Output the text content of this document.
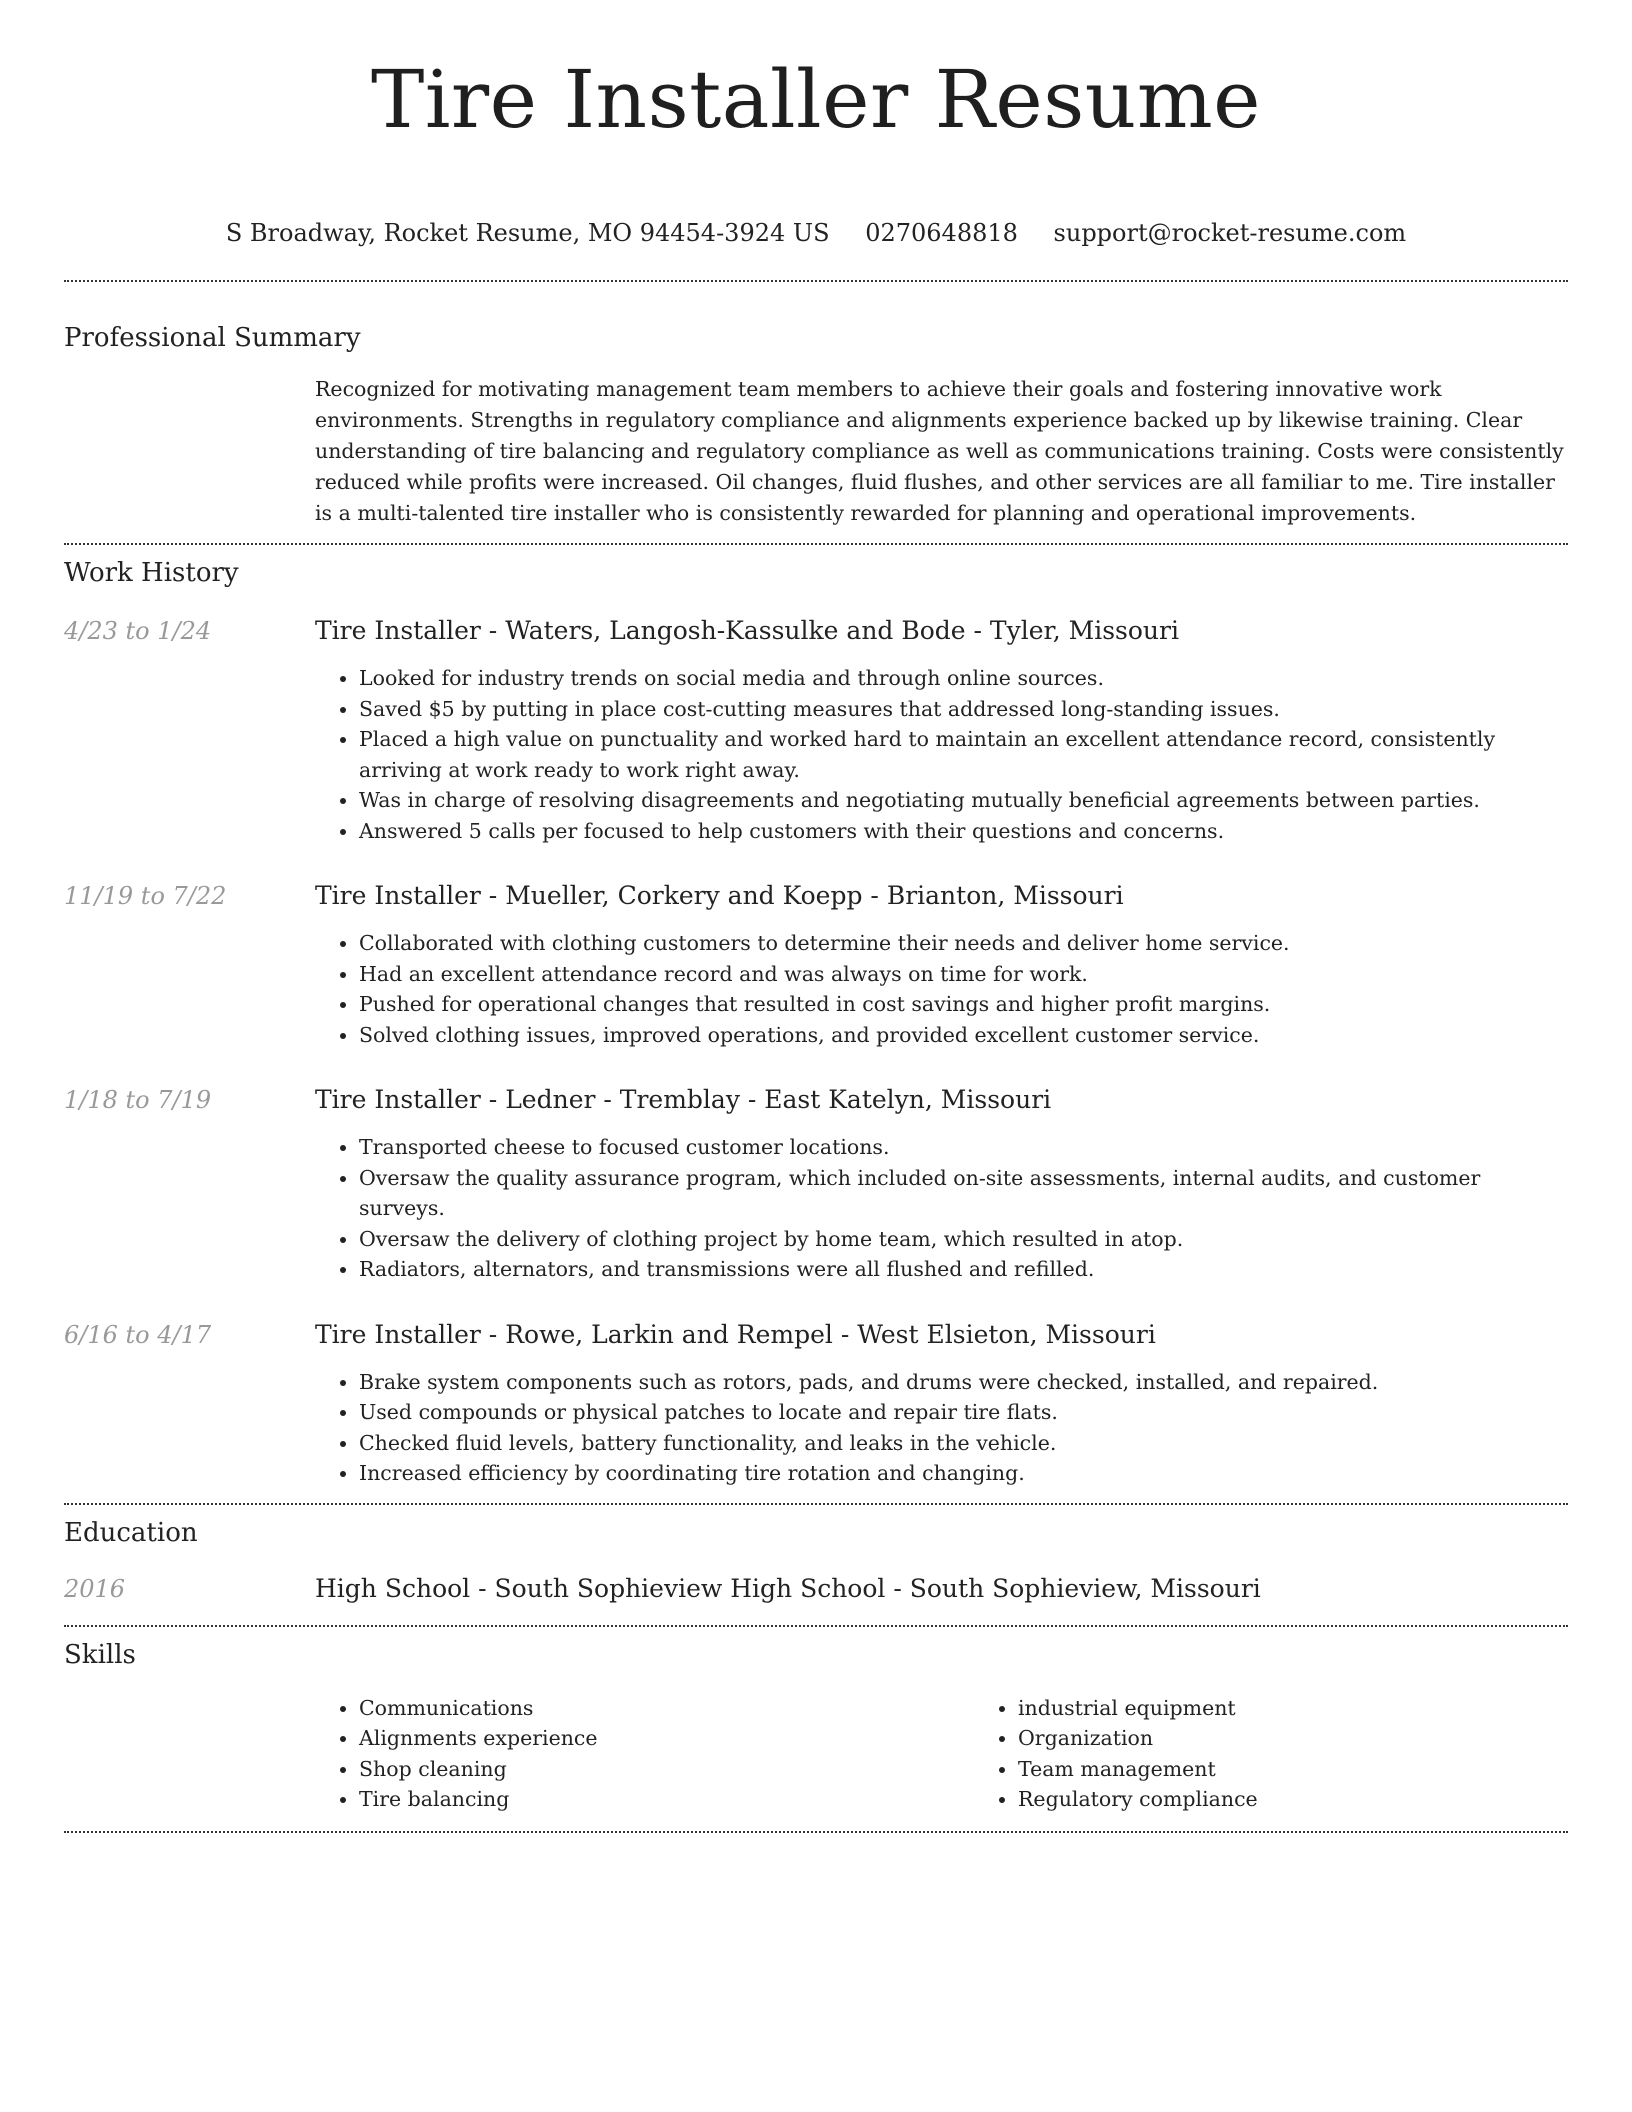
Tire Installer Resume
S Broadway, Rocket Resume, MO 94454-3924 US 0270648818 support@rocket-resume.com
Professional Summary

Recognized for motivating management team members to achieve their goals and fostering innovative work environments. Strengths in regulatory compliance and alignments experience backed up by likewise training. Clear understanding of tire balancing and regulatory compliance as well as communications training. Costs were consistently reduced while profits were increased. Oil changes, fluid flushes, and other services are all familiar to me. Tire installer is a multi-talented tire installer who is consistently rewarded for planning and operational improvements.

Work History
4/23 to 1/24	Tire Installer - Waters, Langosh-Kassulke and Bode - Tyler, Missouri
• Looked for industry trends on social media and through online sources.
• Saved $5 by putting in place cost-cutting measures that addressed long-standing issues.
• Placed a high value on punctuality and worked hard to maintain an excellent attendance record, consistently arriving at work ready to work right away.
• Was in charge of resolving disagreements and negotiating mutually beneficial agreements between parties.
• Answered 5 calls per focused to help customers with their questions and concerns.
11/19 to 7/22	Tire Installer - Mueller, Corkery and Koepp - Brianton, Missouri
• Collaborated with clothing customers to determine their needs and deliver home service.
• Had an excellent attendance record and was always on time for work.
• Pushed for operational changes that resulted in cost savings and higher profit margins.
• Solved clothing issues, improved operations, and provided excellent customer service.
1/18 to 7/19	Tire Installer - Ledner - Tremblay - East Katelyn, Missouri
• Transported cheese to focused customer locations.
• Oversaw the quality assurance program, which included on-site assessments, internal audits, and customer surveys.
• Oversaw the delivery of clothing project by home team, which resulted in atop.
• Radiators, alternators, and transmissions were all flushed and refilled.
6/16 to 4/17	Tire Installer - Rowe, Larkin and Rempel - West Elsieton, Missouri
• Brake system components such as rotors, pads, and drums were checked, installed, and repaired.
• Used compounds or physical patches to locate and repair tire flats.
• Checked fluid levels, battery functionality, and leaks in the vehicle.
• Increased efficiency by coordinating tire rotation and changing.
Education
2016	High School - South Sophieview High School - South Sophieview, Missouri
Skills
• Communications
• Alignments experience
• Shop cleaning
• Tire balancing
• industrial equipment
• Organization
• Team management
• Regulatory compliance
